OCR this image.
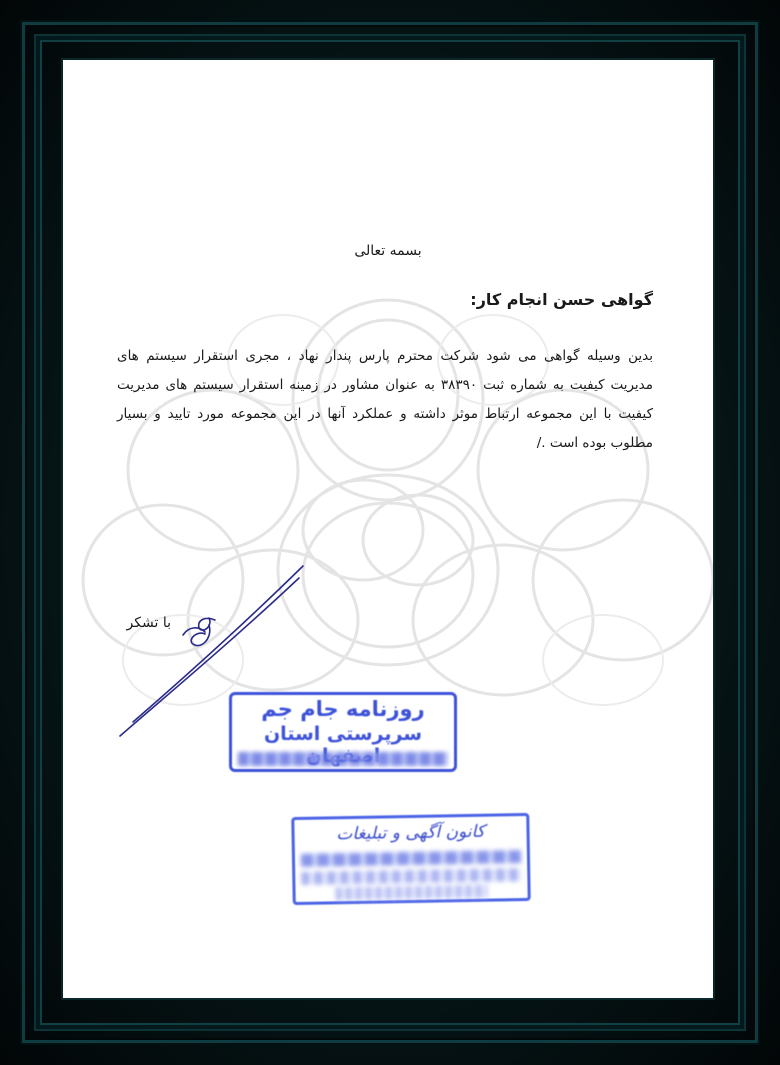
بسمه تعالی
گواهی حسن انجام کار:
بدین وسیله گواهی می شود شرکت محترم پارس پندار نهاد ، مجری استقرار سیستم های مدیریت کیفیت به شماره ثبت ۳۸۳۹۰ به عنوان مشاور در زمینه استقرار سیستم های مدیریت کیفیت با این مجموعه ارتباط موثر داشته و عملکرد آنها در این مجموعه مورد تایید و بسیار مطلوب بوده است ./
با تشکر
روزنامه جام جم
سرپرستی استان
کانون آگهی و تبلیغات
